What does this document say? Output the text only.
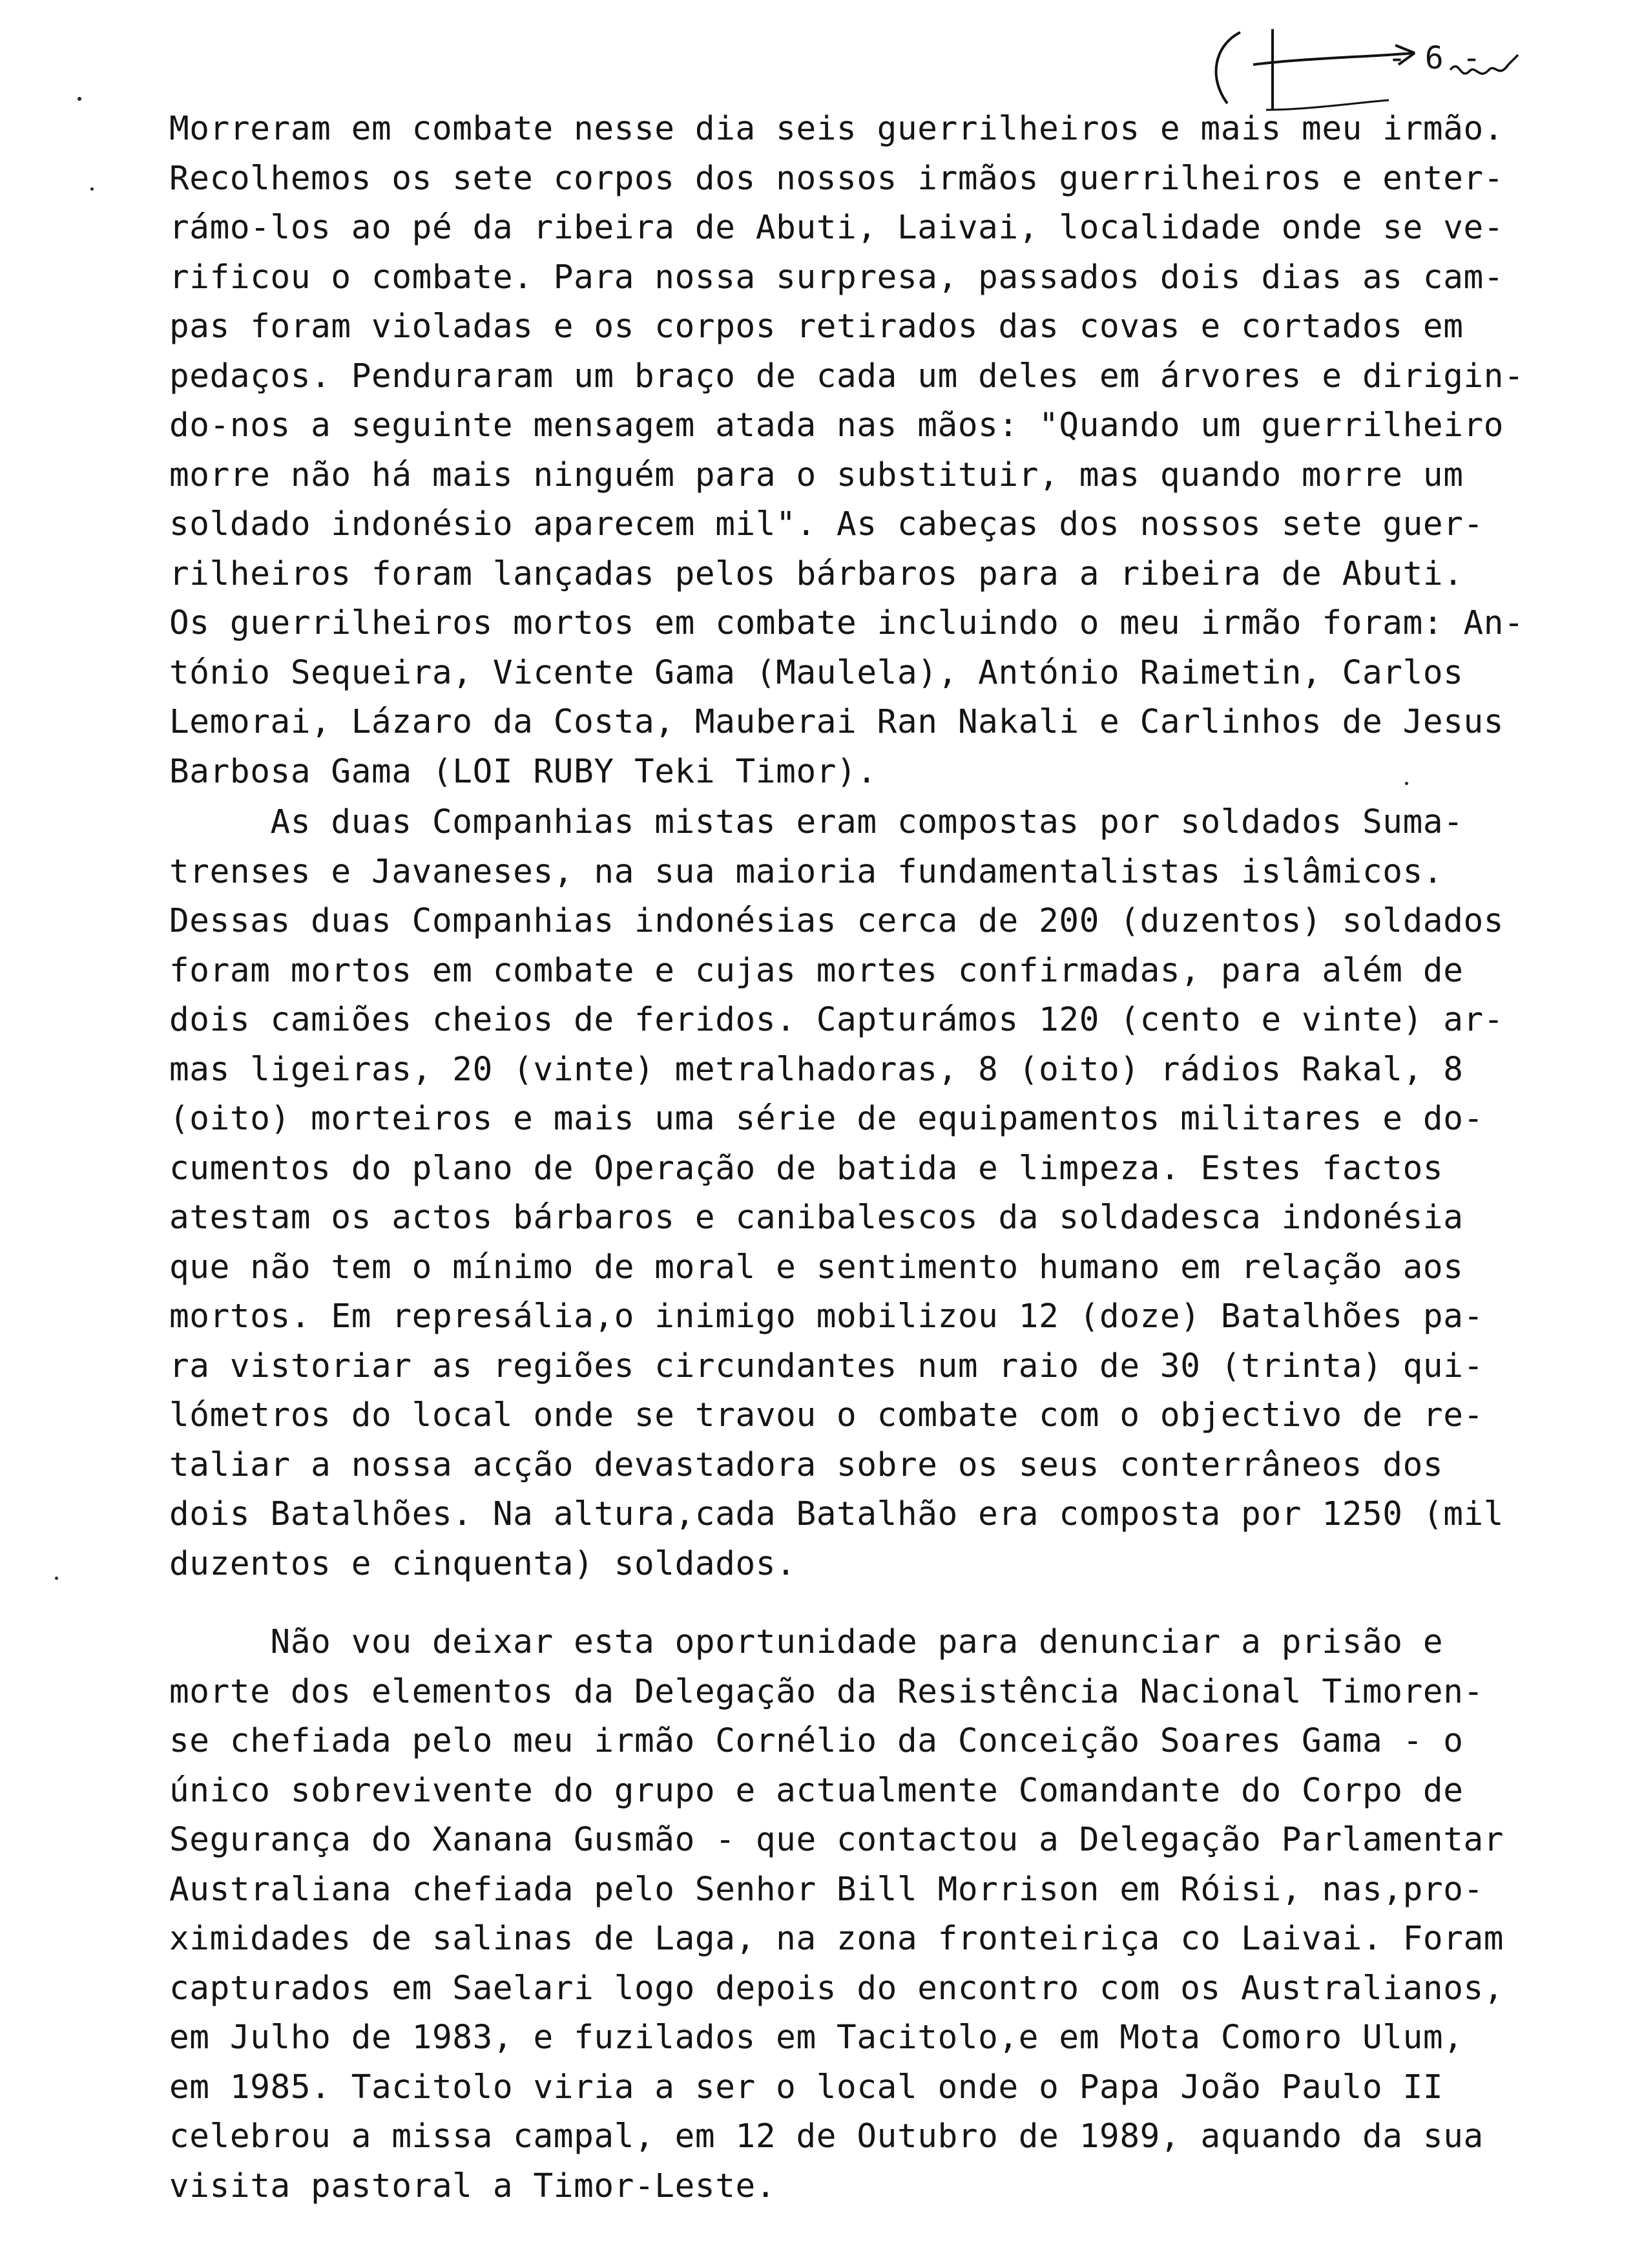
- 6 -
Morreram em combate nesse dia seis guerrilheiros e mais meu irmão.
Recolhemos os sete corpos dos nossos irmãos guerrilheiros e enter-
rámo-los ao pé da ribeira de Abuti, Laivai, localidade onde se ve-
rificou o combate. Para nossa surpresa, passados dois dias as cam-
pas foram violadas e os corpos retirados das covas e cortados em
pedaços. Penduraram um braço de cada um deles em árvores e dirigin-
do-nos a seguinte mensagem atada nas mãos: "Quando um guerrilheiro
morre não há mais ninguém para o substituir, mas quando morre um
soldado indonésio aparecem mil". As cabeças dos nossos sete guer-
rilheiros foram lançadas pelos bárbaros para a ribeira de Abuti.
Os guerrilheiros mortos em combate incluindo o meu irmão foram: An-
tónio Sequeira, Vicente Gama (Maulela), António Raimetin, Carlos
Lemorai, Lázaro da Costa, Mauberai Ran Nakali e Carlinhos de Jesus
Barbosa Gama (LOI RUBY Teki Timor).
As duas Companhias mistas eram compostas por soldados Suma-
trenses e Javaneses, na sua maioria fundamentalistas islâmicos.
Dessas duas Companhias indonésias cerca de 200 (duzentos) soldados
foram mortos em combate e cujas mortes confirmadas, para além de
dois camiões cheios de feridos. Capturámos 120 (cento e vinte) ar-
mas ligeiras, 20 (vinte) metralhadoras, 8 (oito) rádios Rakal, 8
(oito) morteiros e mais uma série de equipamentos militares e do-
cumentos do plano de Operação de batida e limpeza. Estes factos
atestam os actos bárbaros e canibalescos da soldadesca indonésia
que não tem o mínimo de moral e sentimento humano em relação aos
mortos. Em represália,o inimigo mobilizou 12 (doze) Batalhões pa-
ra vistoriar as regiões circundantes num raio de 30 (trinta) qui-
lómetros do local onde se travou o combate com o objectivo de re-
taliar a nossa acção devastadora sobre os seus conterrâneos dos
dois Batalhões. Na altura,cada Batalhão era composta por 1250 (mil
duzentos e cinquenta) soldados.
Não vou deixar esta oportunidade para denunciar a prisão e
morte dos elementos da Delegação da Resistência Nacional Timoren-
se chefiada pelo meu irmão Cornélio da Conceição Soares Gama - o
único sobrevivente do grupo e actualmente Comandante do Corpo de
Segurança do Xanana Gusmão - que contactou a Delegação Parlamentar
Australiana chefiada pelo Senhor Bill Morrison em Róisi, nas,pro-
ximidades de salinas de Laga, na zona fronteiriça co Laivai. Foram
capturados em Saelari logo depois do encontro com os Australianos,
em Julho de 1983, e fuzilados em Tacitolo,e em Mota Comoro Ulum,
em 1985. Tacitolo viria a ser o local onde o Papa João Paulo II
celebrou a missa campal, em 12 de Outubro de 1989, aquando da sua
visita pastoral a Timor-Leste.
